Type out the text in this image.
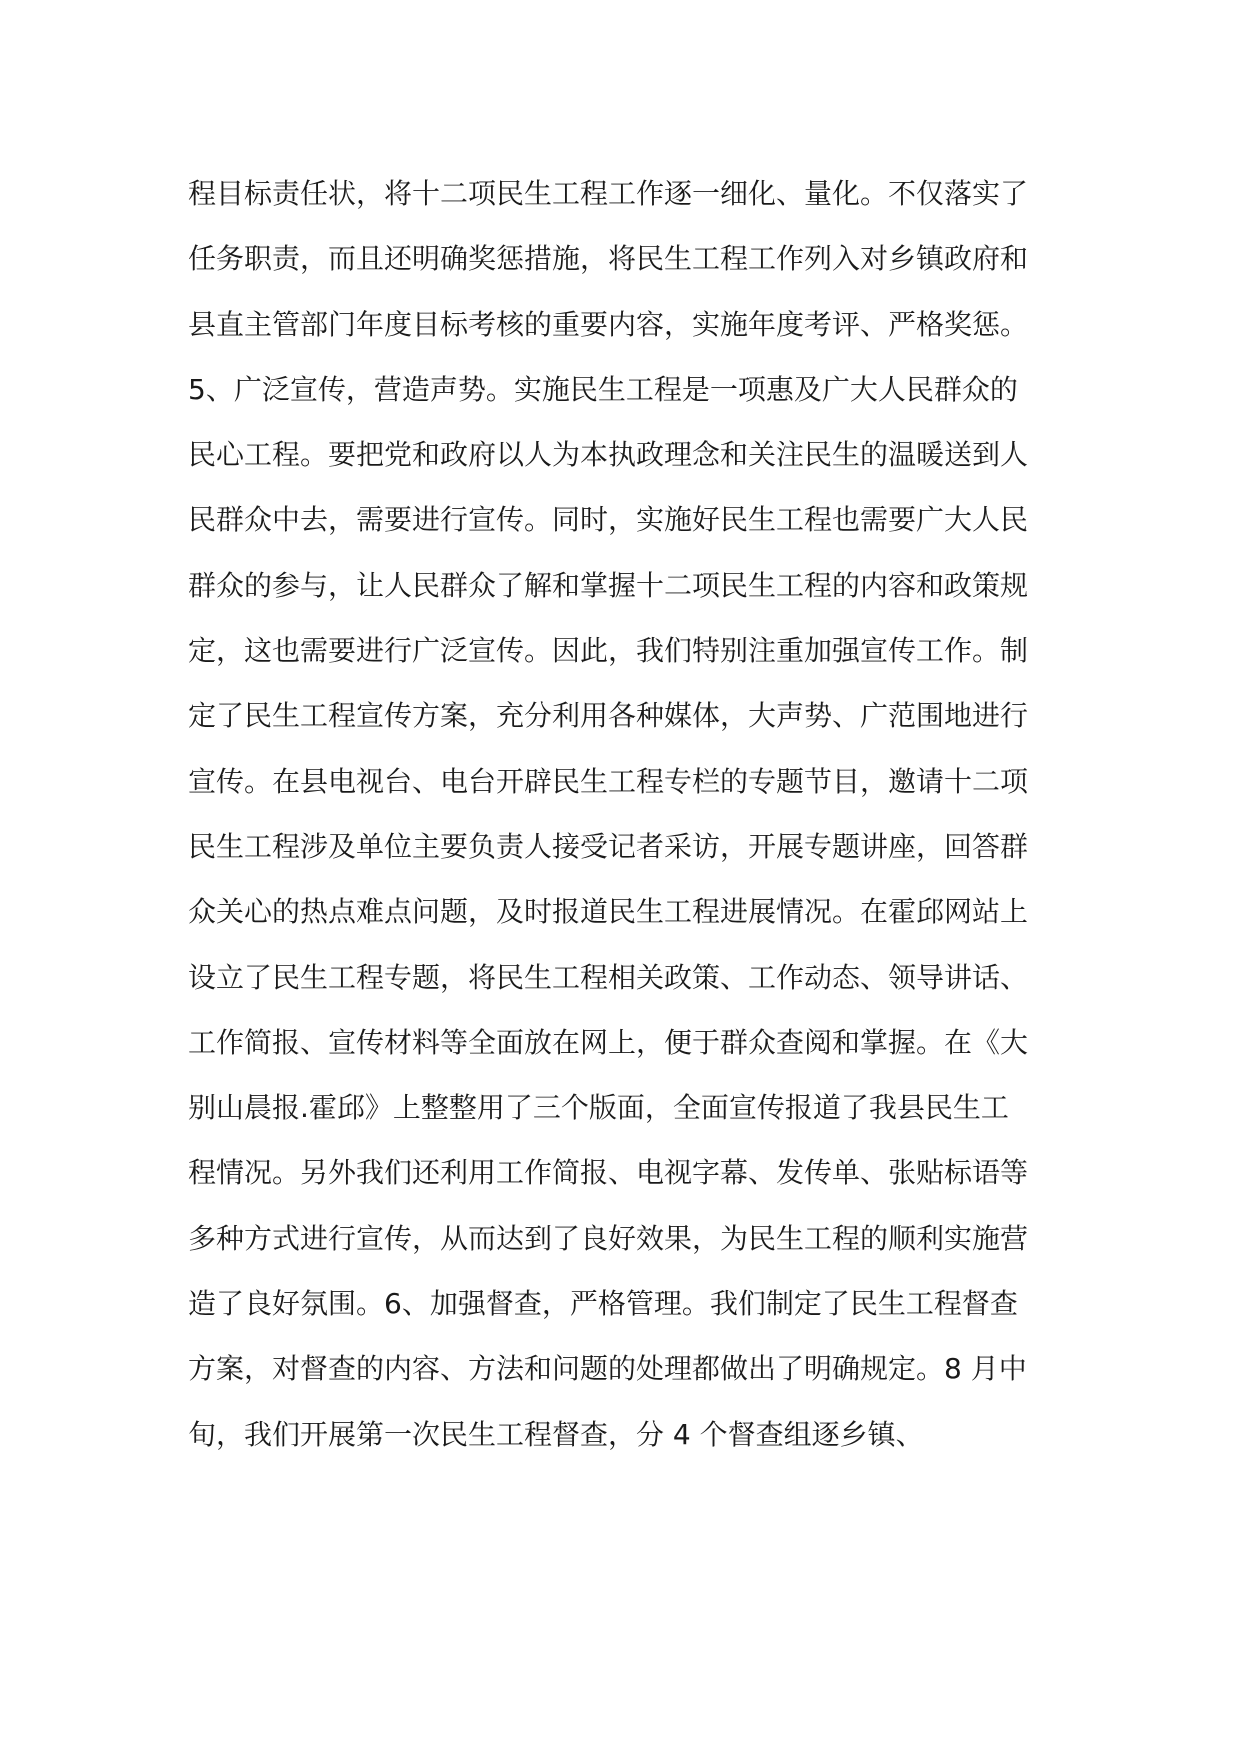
程目标责任状，将十二项民生工程工作逐一细化、量化。不仅落实了
任务职责，而且还明确奖惩措施，将民生工程工作列入对乡镇政府和
县直主管部门年度目标考核的重要内容，实施年度考评、严格奖惩。
5、广泛宣传，营造声势。实施民生工程是一项惠及广大人民群众的
民心工程。要把党和政府以人为本执政理念和关注民生的温暖送到人
民群众中去，需要进行宣传。同时，实施好民生工程也需要广大人民
群众的参与，让人民群众了解和掌握十二项民生工程的内容和政策规
定，这也需要进行广泛宣传。因此，我们特别注重加强宣传工作。制
定了民生工程宣传方案，充分利用各种媒体，大声势、广范围地进行
宣传。在县电视台、电台开辟民生工程专栏的专题节目，邀请十二项
民生工程涉及单位主要负责人接受记者采访，开展专题讲座，回答群
众关心的热点难点问题，及时报道民生工程进展情况。在霍邱网站上
设立了民生工程专题，将民生工程相关政策、工作动态、领导讲话、
工作简报、宣传材料等全面放在网上，便于群众查阅和掌握。在《大
别山晨报.霍邱》上整整用了三个版面，全面宣传报道了我县民生工
程情况。另外我们还利用工作简报、电视字幕、发传单、张贴标语等
多种方式进行宣传，从而达到了良好效果，为民生工程的顺利实施营
造了良好氛围。6、加强督查，严格管理。我们制定了民生工程督查
方案，对督查的内容、方法和问题的处理都做出了明确规定。8 月中
旬，我们开展第一次民生工程督查，分 4 个督查组逐乡镇、
